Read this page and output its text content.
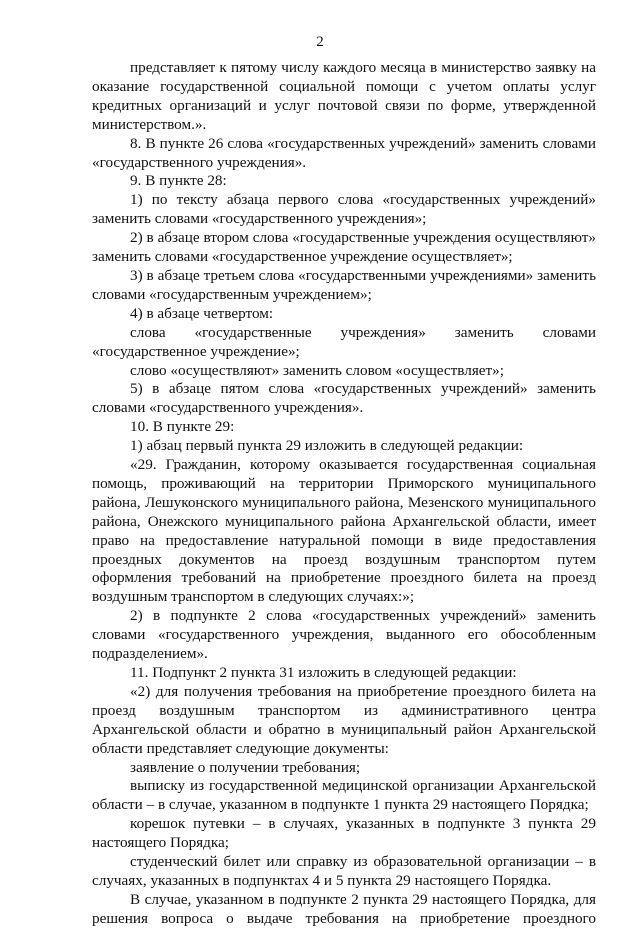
2

представляет к пятому числу каждого месяца в министерство заявку на оказание государственной социальной помощи с учетом оплаты услуг кредитных организаций и услуг почтовой связи по форме, утвержденной министерством.».

8. В пункте 26 слова «государственных учреждений» заменить словами «государственного учреждения».

9. В пункте 28:

1) по тексту абзаца первого слова «государственных учреждений» заменить словами «государственного учреждения»;

2) в абзаце втором слова «государственные учреждения осуществляют» заменить словами «государственное учреждение осуществляет»;

3) в абзаце третьем слова «государственными учреждениями» заменить словами «государственным учреждением»;

4) в абзаце четвертом:

слова «государственные учреждения» заменить словами «государственное учреждение»;

слово «осуществляют» заменить словом «осуществляет»;

5) в абзаце пятом слова «государственных учреждений» заменить словами «государственного учреждения».

10. В пункте 29:

1) абзац первый пункта 29 изложить в следующей редакции:

«29. Гражданин, которому оказывается государственная социальная помощь, проживающий на территории Приморского муниципального района, Лешуконского муниципального района, Мезенского муниципального района, Онежского муниципального района Архангельской области, имеет право на предоставление натуральной помощи в виде предоставления проездных документов на проезд воздушным транспортом путем оформления требований на приобретение проездного билета на проезд воздушным транспортом в следующих случаях:»;

2) в подпункте 2 слова «государственных учреждений» заменить словами «государственного учреждения, выданного его обособленным подразделением».

11. Подпункт 2 пункта 31 изложить в следующей редакции:

«2) для получения требования на приобретение проездного билета на проезд воздушным транспортом из административного центра Архангельской области и обратно в муниципальный район Архангельской области представляет следующие документы:

заявление о получении требования;

выписку из государственной медицинской организации Архангельской области – в случае, указанном в подпункте 1 пункта 29 настоящего Порядка;

корешок путевки – в случаях, указанных в подпункте 3 пункта 29 настоящего Порядка;

студенческий билет или справку из образовательной организации – в случаях, указанных в подпунктах 4 и 5 пункта 29 настоящего Порядка.

В случае, указанном в подпункте 2 пункта 29 настоящего Порядка, для решения вопроса о выдаче требования на приобретение проездного
